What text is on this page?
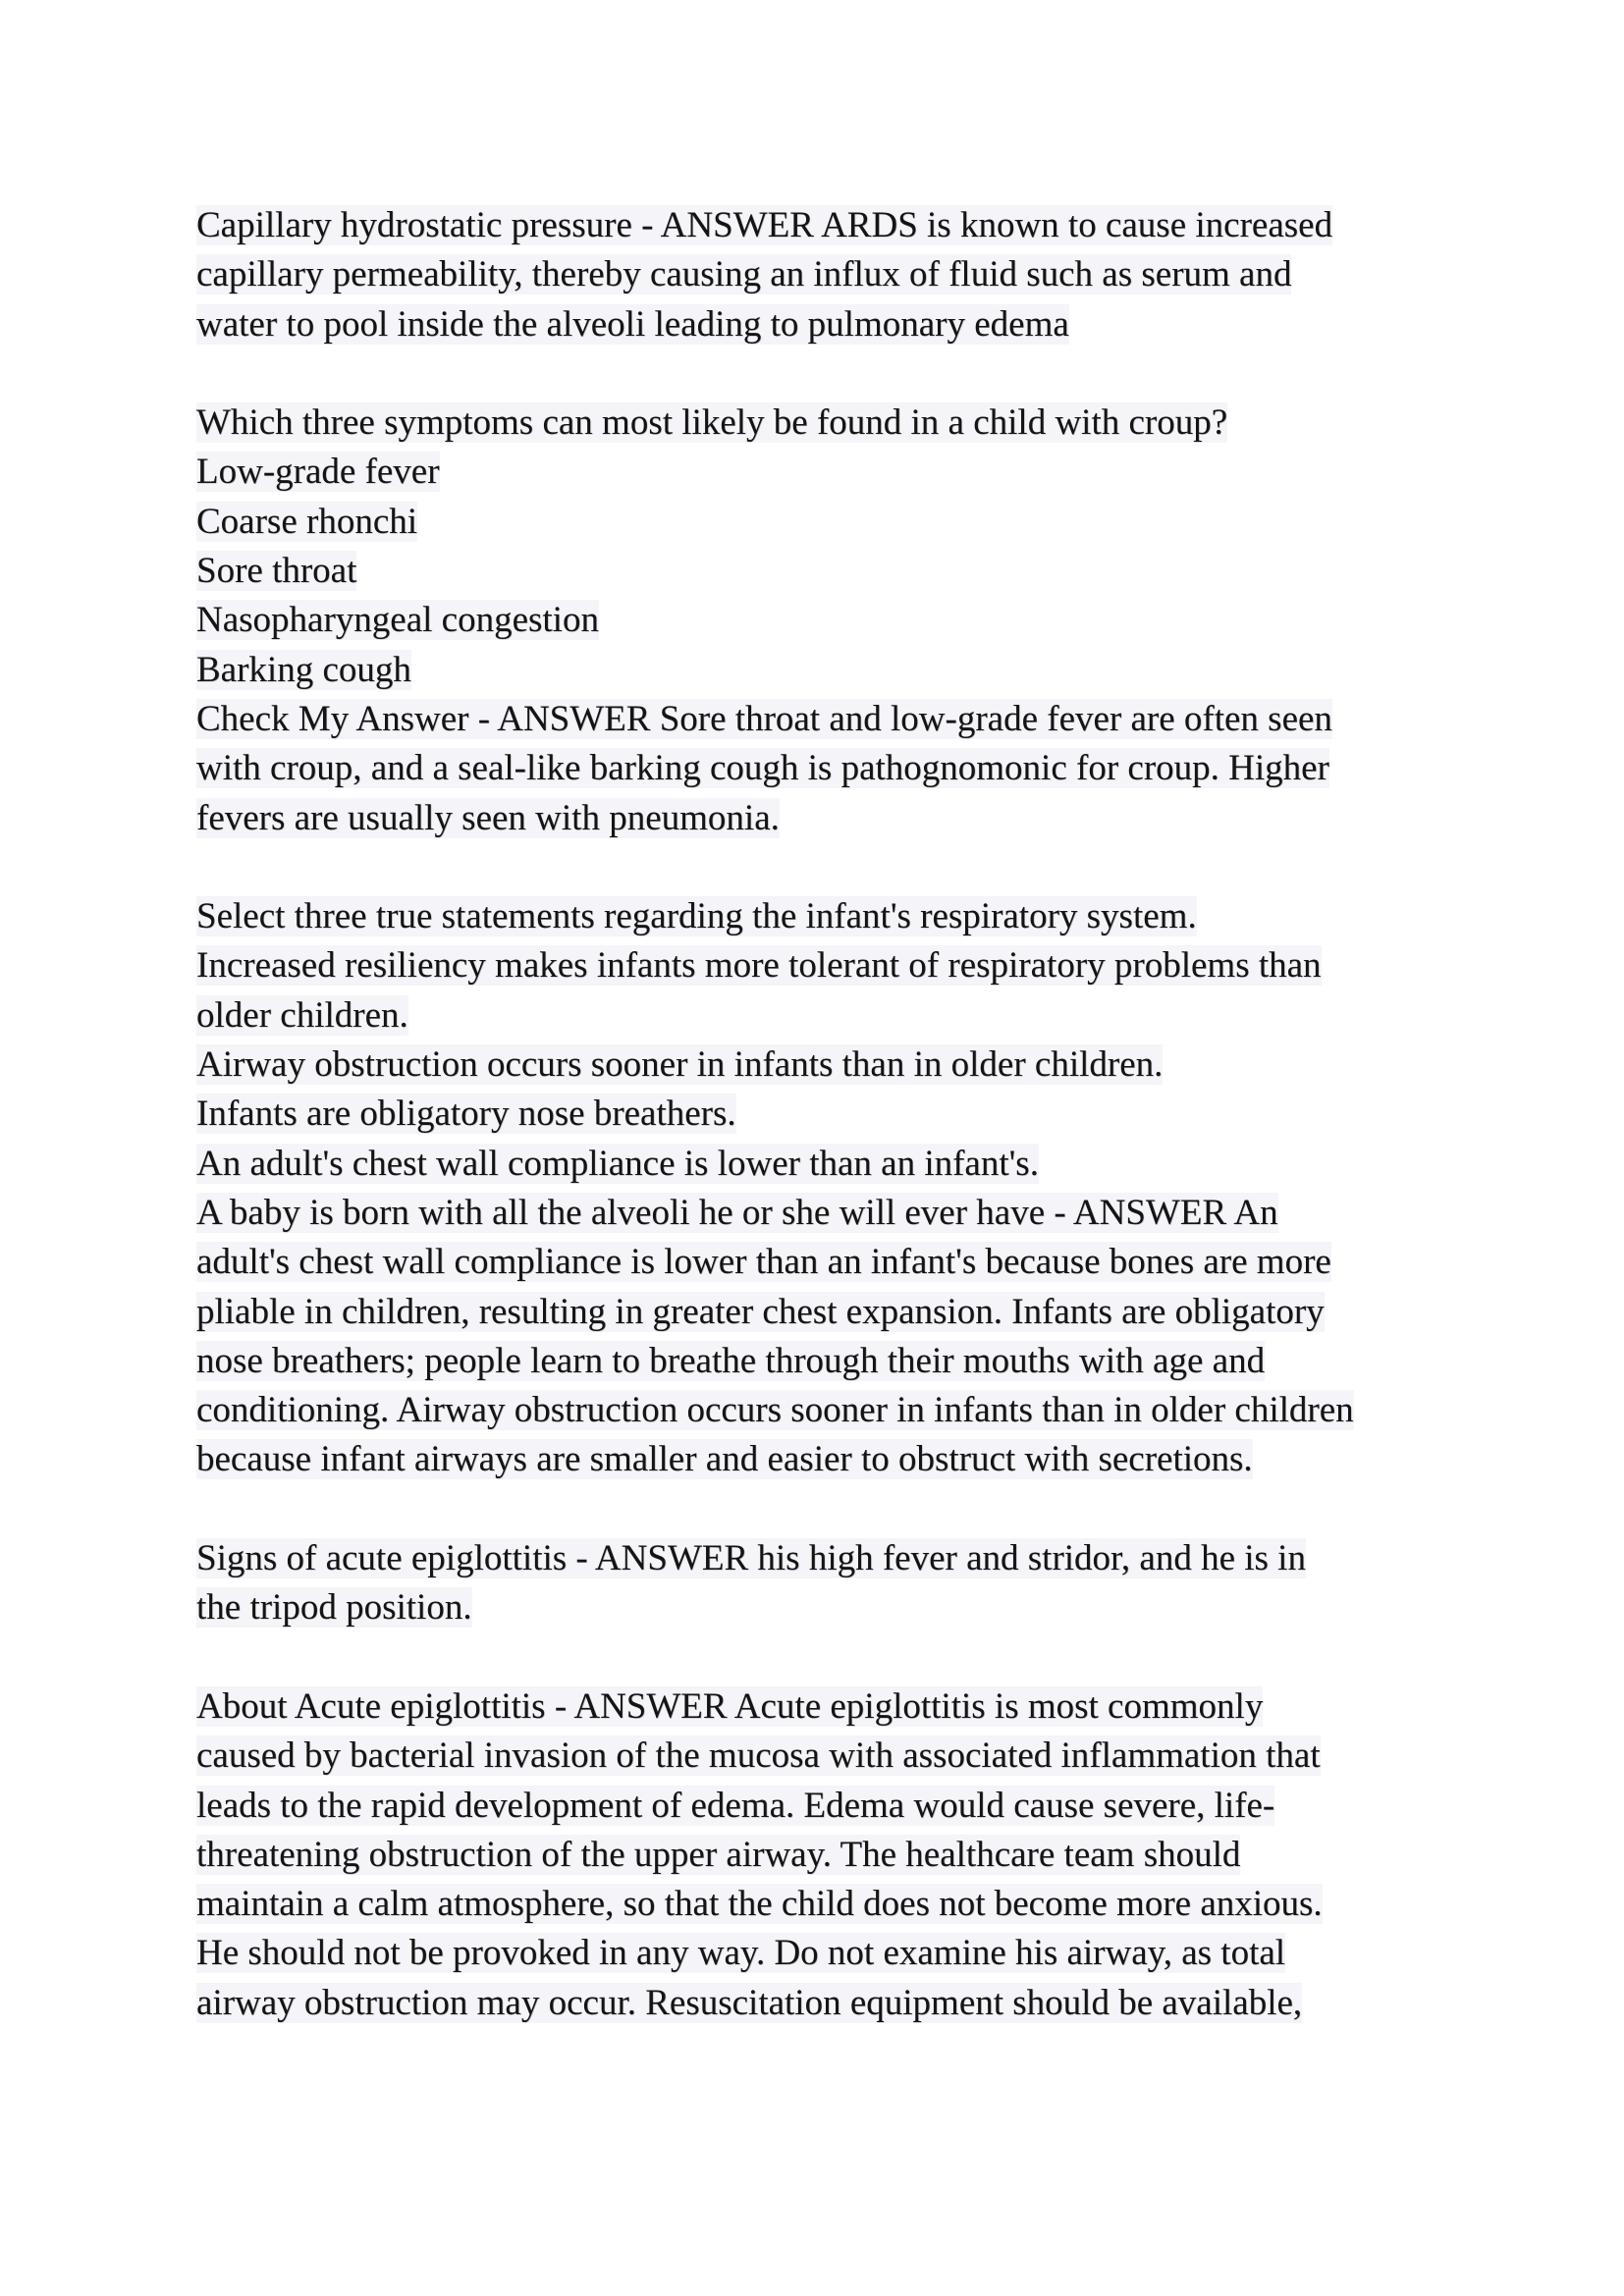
Capillary hydrostatic pressure - ANSWER ARDS is known to cause increased
capillary permeability, thereby causing an influx of fluid such as serum and
water to pool inside the alveoli leading to pulmonary edema
Which three symptoms can most likely be found in a child with croup?
Low-grade fever
Coarse rhonchi
Sore throat
Nasopharyngeal congestion
Barking cough
Check My Answer - ANSWER Sore throat and low-grade fever are often seen
with croup, and a seal-like barking cough is pathognomonic for croup. Higher
fevers are usually seen with pneumonia.
Select three true statements regarding the infant's respiratory system.
Increased resiliency makes infants more tolerant of respiratory problems than
older children.
Airway obstruction occurs sooner in infants than in older children.
Infants are obligatory nose breathers.
An adult's chest wall compliance is lower than an infant's.
A baby is born with all the alveoli he or she will ever have - ANSWER An
adult's chest wall compliance is lower than an infant's because bones are more
pliable in children, resulting in greater chest expansion. Infants are obligatory
nose breathers; people learn to breathe through their mouths with age and
conditioning. Airway obstruction occurs sooner in infants than in older children
because infant airways are smaller and easier to obstruct with secretions.
Signs of acute epiglottitis - ANSWER his high fever and stridor, and he is in
the tripod position.
About Acute epiglottitis - ANSWER Acute epiglottitis is most commonly
caused by bacterial invasion of the mucosa with associated inflammation that
leads to the rapid development of edema. Edema would cause severe, life-
threatening obstruction of the upper airway. The healthcare team should
maintain a calm atmosphere, so that the child does not become more anxious.
He should not be provoked in any way. Do not examine his airway, as total
airway obstruction may occur. Resuscitation equipment should be available,
